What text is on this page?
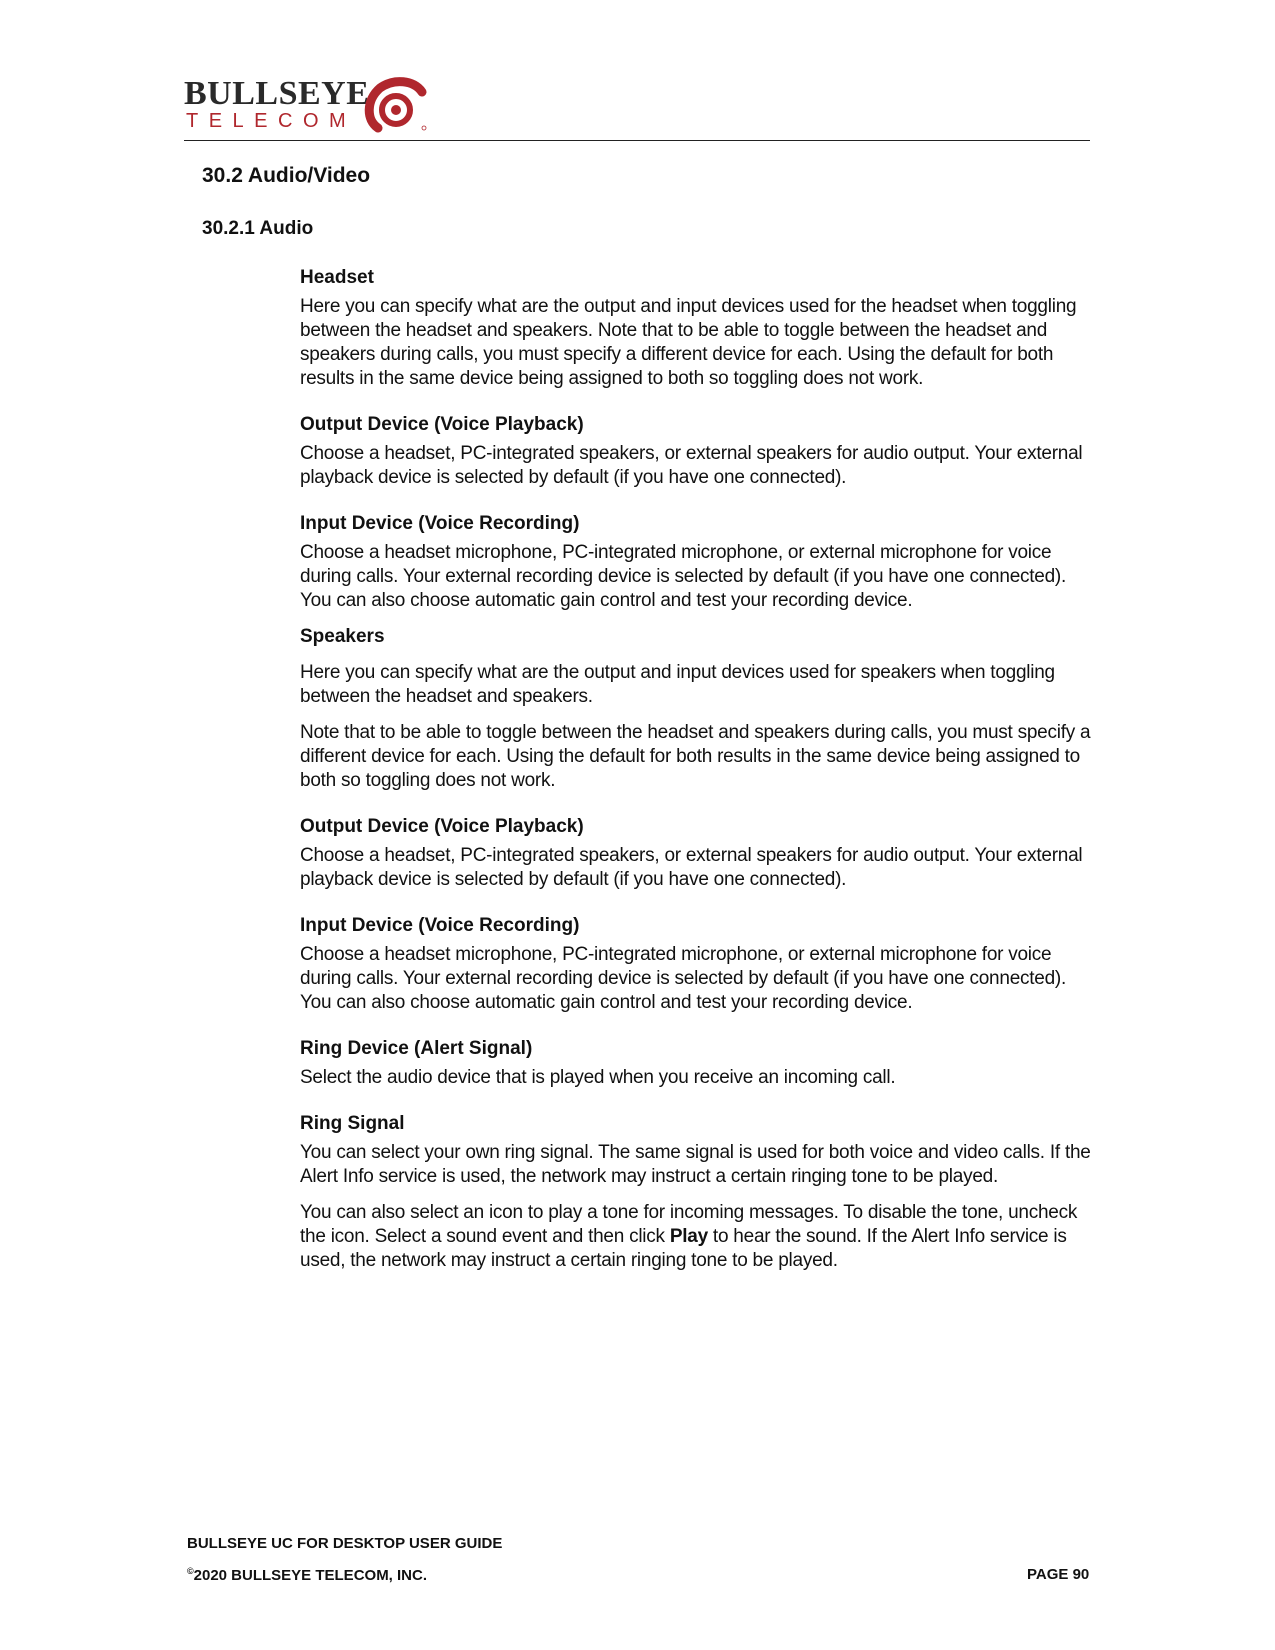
BULLSEYE
TELECOM
30.2 Audio/Video
30.2.1 Audio
Headset

Here you can specify what are the output and input devices used for the headset when toggling between the headset and speakers. Note that to be able to toggle between the headset and speakers during calls, you must specify a different device for each. Using the default for both results in the same device being assigned to both so toggling does not work.

Output Device (Voice Playback)

Choose a headset, PC-integrated speakers, or external speakers for audio output. Your external playback device is selected by default (if you have one connected).

Input Device (Voice Recording)

Choose a headset microphone, PC-integrated microphone, or external microphone for voice during calls. Your external recording device is selected by default (if you have one connected). You can also choose automatic gain control and test your recording device.

Speakers

Here you can specify what are the output and input devices used for speakers when toggling between the headset and speakers.

Note that to be able to toggle between the headset and speakers during calls, you must specify a different device for each. Using the default for both results in the same device being assigned to both so toggling does not work.

Output Device (Voice Playback)

Choose a headset, PC-integrated speakers, or external speakers for audio output. Your external playback device is selected by default (if you have one connected).

Input Device (Voice Recording)

Choose a headset microphone, PC-integrated microphone, or external microphone for voice during calls. Your external recording device is selected by default (if you have one connected). You can also choose automatic gain control and test your recording device.

Ring Device (Alert Signal)

Select the audio device that is played when you receive an incoming call.

Ring Signal

You can select your own ring signal. The same signal is used for both voice and video calls. If the Alert Info service is used, the network may instruct a certain ringing tone to be played.

You can also select an icon to play a tone for incoming messages. To disable the tone, uncheck the icon. Select a sound event and then click Play to hear the sound. If the Alert Info service is used, the network may instruct a certain ringing tone to be played.

BULLSEYE UC FOR DESKTOP USER GUIDE
©2020 BULLSEYE TELECOM, INC.	PAGE 90
